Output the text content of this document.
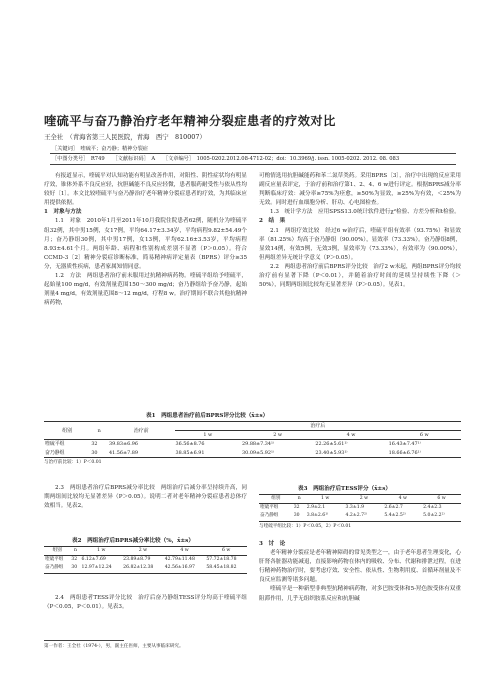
喹硫平与奋乃静治疗老年精神分裂症患者的疗效对比
王全社　（青海省第三人民医院，青海　西宁　810007）
［关键词］　喹硫平；奋乃静；精神分裂症
［中图分类号］　R749　　［文献标识码］　A　　［文章编号］　1005-0202.2012.08-4712-02；doi：10.3969/j. issn. 1005-0202. 2012. 08. 083

有报道显示，喹硫平对认知功能有明显改善作用，对阳性、阴性症状均有明显疗效，锥体外系不良反应轻，抗胆碱能不良反应轻微，患者服药耐受性与依从性均较好〔1〕。本文比较喹硫平与奋乃静治疗老年精神分裂症患者的疗效，为其临床应用提供依据。

1　对象与方法

1.1　对象　2010年1月至2011年10月我院住院患者62例，随机分为喹硫平组32例，其中男15例，女17例，平均64.17±3.34岁，平均病程9.82±54.49个月；奋乃静组30例，其中男17例，女13例，平均62.16±3.53岁，平均病程8.93±4.61个月。两组年龄、病程和性别构成差别不显著（P＞0.05）。符合CCMD-3〔2〕精神分裂症诊断标准，简易精神病评定量表（BPRS）评分≥35分，无器质性疾病，患者家属知情同意。

1.2　方法　两组患者治疗前未服用过抗精神病药物。喹硫平组给予喹硫平，起始量100 mg/d，有效剂量范围150～300 mg/d；奋乃静组给予奋乃静，起始剂量4 mg/d，有效剂量范围8～12 mg/d，疗程8 w。治疗期间不联合其他抗精神病药物，

可酌情选用抗胆碱能药和苯二氮草类药。采用BPRS〔3〕，治疗中出现的反应采用副反应量表评定，于治疗前和治疗第1、2、4、6 w进行评定。根据BPRS减分率判断临床疗效：减分率≥75%为痊愈，≥50%为显效，≥25%为有效，＜25%为无效。同时进行血细胞分析、肝功、心电图检查。

1.3　统计学方法　应用SPSS13.0统计软件进行χ²检验、方差分析和t检验。

2　结　果

2.1　两组疗效比较　经过6 w治疗后，喹硫平组有效率（93.75%）和显效率（81.25%）均高于奋乃静组（90.00%），显效率（73.33%）。奋乃静组8例，显效14例，有效5例，无效3例，显效率为（73.33%），有效率为（90.00%），但两组差异无统计学意义（P＞0.05）。

2.2　两组患者治疗前后BPRS评分比较　治疗2 w末起，两组BPRS评分均较治疗前有显著下降（P＜0.01），并随着治疗时间的延续呈持续性下降（＞50%），同期两组间比较均无显著差异（P＞0.05）。见表1。

表1　两组患者治疗前后BPRS评分比较（x̄±s）
组别	n	治疗前	治疗后			
			1 w	2 w	4 w	6 w
喹硫平组	32	39.83±6.96	36.56±8.76	29.88±7.34¹⁾	22.26±5.61¹⁾	16.43±7.47¹⁾
奋乃静组	30	41.56±7.89	38.85±6.91	30.09±5.92¹⁾	23.40±5.93¹⁾	18.66±6.76¹⁾
与治疗前比较：1）P＜0.01

2.3　两组患者治疗后BPRS减分率比较　两组治疗后减分率呈持续升高，同期两组间比较均无显著差异（P＞0.05）。说明二者对老年精神分裂症患者总体疗效相当。见表2。

表2　两组治疗后BPRS减分率比较（%，x̄±s）
组别	n	1 w	2 w	4 w	6 w
喹硫平组	32	6.12±7.69	23.89±8.79	42.79±11.48	57.72±18.78
奋乃静组	30	12.97±12.24	26.82±12.38	42.56±16.97	58.45±18.82

2.4　两组患者TESS评分比较　治疗后奋乃静组TESS评分均高于喹硫平组（P＜0.05，P＜0.01）。见表3。

第一作者：王全社（1974-），男，副主任医师，主要从事临床研究。
表3　两组治疗后TESS评分（x̄±s）
组别	n	1 w	2 w	4 w	6 w
喹硫平组	32	2.9±2.1	3.3±1.9	2.6±2.7	2.4±2.3
奋乃静组	30	3.8±2.6¹⁾	4.2±2.7²⁾	5.4±2.5²⁾	5.0±2.2²⁾
与喹硫平组比较：1）P＜0.05，2）P＜0.01

3　讨　论

老年精神分裂症是老年精神障碍的常见类型之一，由于老年患者生理变化，心肝肾各脏器功能减退，直接影响药物在体内的吸收、分布、代谢和排泄过程，在进行精神药物治疗时，要考虑疗效、安全性、依从性、生物利用度、首循环剂量及不良反应监测等诸多问题。

喹硫平是一种新型非典型抗精神病药物，对多巴胺受体和5-羟色胺受体有双重阻滞作用，几乎无组织胺系反应和抗胆碱
